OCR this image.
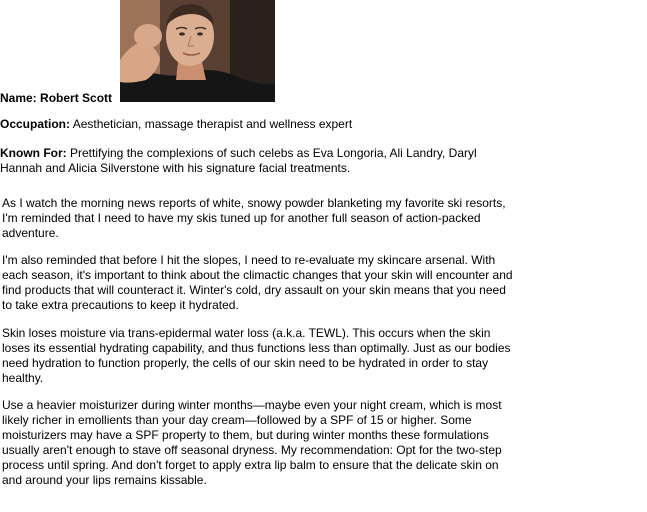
Name: Robert Scott
Occupation: Aesthetician, massage therapist and wellness expert
Known For: Prettifying the complexions of such celebs as Eva Longoria, Ali Landry, Daryl Hannah and Alicia Silverstone with his signature facial treatments.

As I watch the morning news reports of white, snowy powder blanketing my favorite ski resorts, I'm reminded that I need to have my skis tuned up for another full season of action-packed adventure.

I'm also reminded that before I hit the slopes, I need to re-evaluate my skincare arsenal. With each season, it's important to think about the climactic changes that your skin will encounter and find products that will counteract it. Winter's cold, dry assault on your skin means that you need to take extra precautions to keep it hydrated.

Skin loses moisture via trans-epidermal water loss (a.k.a. TEWL). This occurs when the skin loses its essential hydrating capability, and thus functions less than optimally. Just as our bodies need hydration to function properly, the cells of our skin need to be hydrated in order to stay healthy.

Use a heavier moisturizer during winter months—maybe even your night cream, which is most likely richer in emollients than your day cream—followed by a SPF of 15 or higher. Some moisturizers may have a SPF property to them, but during winter months these formulations usually aren't enough to stave off seasonal dryness. My recommendation: Opt for the two-step process until spring. And don't forget to apply extra lip balm to ensure that the delicate skin on and around your lips remains kissable.
